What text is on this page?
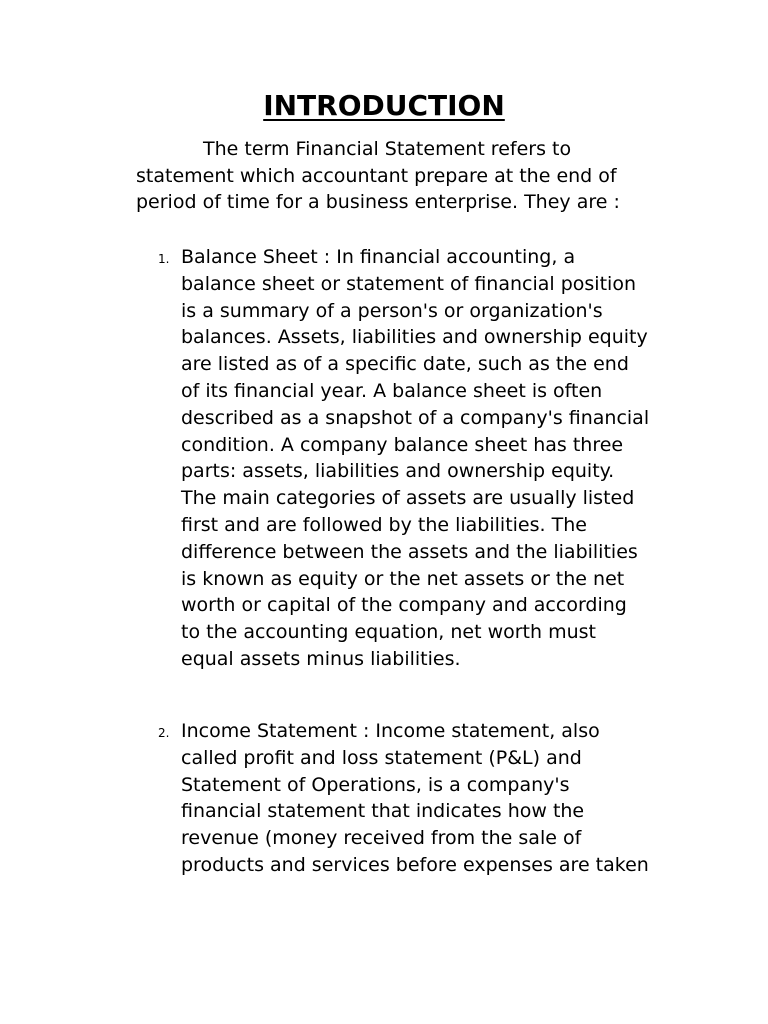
INTRODUCTION

The term Financial Statement refers to
statement which accountant prepare at the end of
period of time for a business enterprise. They are :

1. Balance Sheet : In financial accounting, a
balance sheet or statement of financial position
is a summary of a person's or organization's
balances. Assets, liabilities and ownership equity
are listed as of a specific date, such as the end
of its financial year. A balance sheet is often
described as a snapshot of a company's financial
condition. A company balance sheet has three
parts: assets, liabilities and ownership equity.
The main categories of assets are usually listed
first and are followed by the liabilities. The
difference between the assets and the liabilities
is known as equity or the net assets or the net
worth or capital of the company and according
to the accounting equation, net worth must
equal assets minus liabilities.
2. Income Statement : Income statement, also
called profit and loss statement (P&L) and
Statement of Operations, is a company's
financial statement that indicates how the
revenue (money received from the sale of
products and services before expenses are taken
